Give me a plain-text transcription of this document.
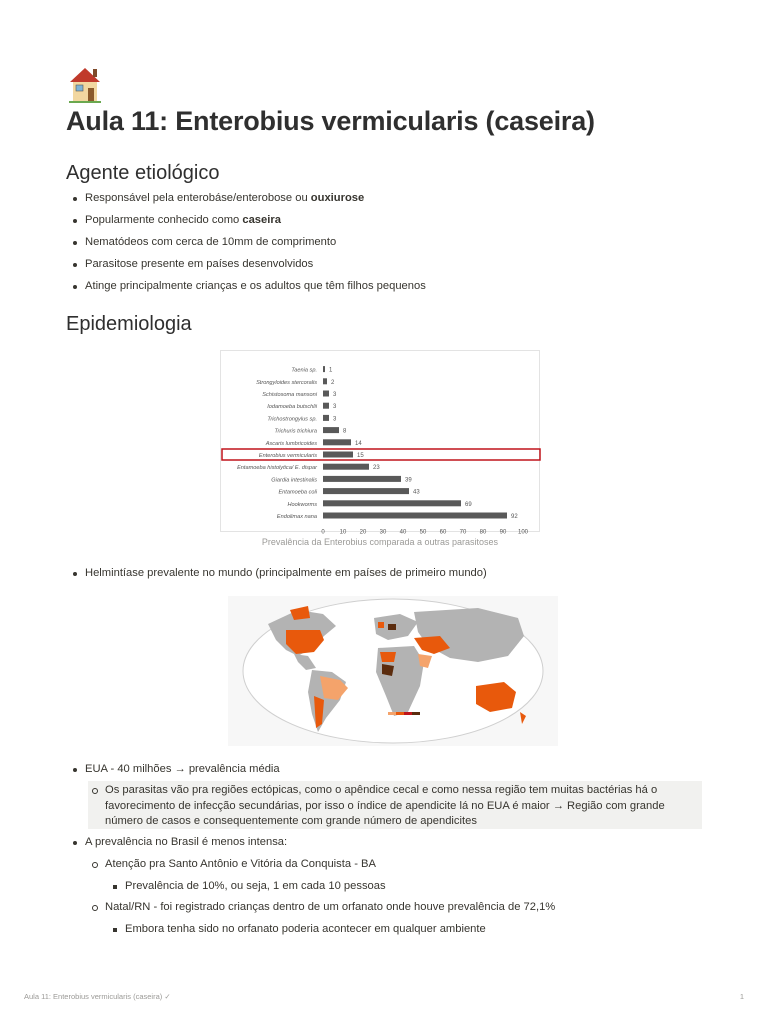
Aula 11: Enterobius vermicularis (caseira)
Agente etiológico
Responsável pela enterobáse/enterobose ou ouxiurose
Popularmente conhecido como caseira
Nematódeos com cerca de 10mm de comprimento
Parasitose presente em países desenvolvidos
Atinge principalmente crianças e os adultos que têm filhos pequenos
Epidemiologia
Taenia sp. 1
Strongyloides stercoralis 2
Schistosoma mansoni	3
Iodamoeba butschlii	3
Trichostrongylus sp.	3
Trichuris trichiura	8
Ascaris lumbricoides	14
Enterobius vermicularis	15
Entamoeba histolytica/ E. dispar	23
Giardia intestinalis	39
Entamoeba coli	43
Hookworms	69
Endolimax nana	92
0 10 20 30 40 50 60 70 80 90 100
Prevalência da Enterobius comparada a outras parasitoses
Helmintíase prevalente no mundo (principalmente em países de primeiro mundo)
EUA - 40 milhões → prevalência média
Os parasitas vão pra regiões ectópicas, como o apêndice cecal e como nessa região tem muitas bactérias há o
favorecimento de infecção secundárias, por isso o índice de apendicite lá no EUA é maior → Região com grande
número de casos e consequentemente com grande número de apendicites
A prevalência no Brasil é menos intensa:
Atenção pra Santo Antônio e Vitória da Conquista - BA
Prevalência de 10%, ou seja, 1 em cada 10 pessoas
Natal/RN - foi registrado crianças dentro de um orfanato onde houve prevalência de 72,1%
Embora tenha sido no orfanato poderia acontecer em qualquer ambiente
Aula 11: Enterobius vermicularis (caseira) ✓	1
